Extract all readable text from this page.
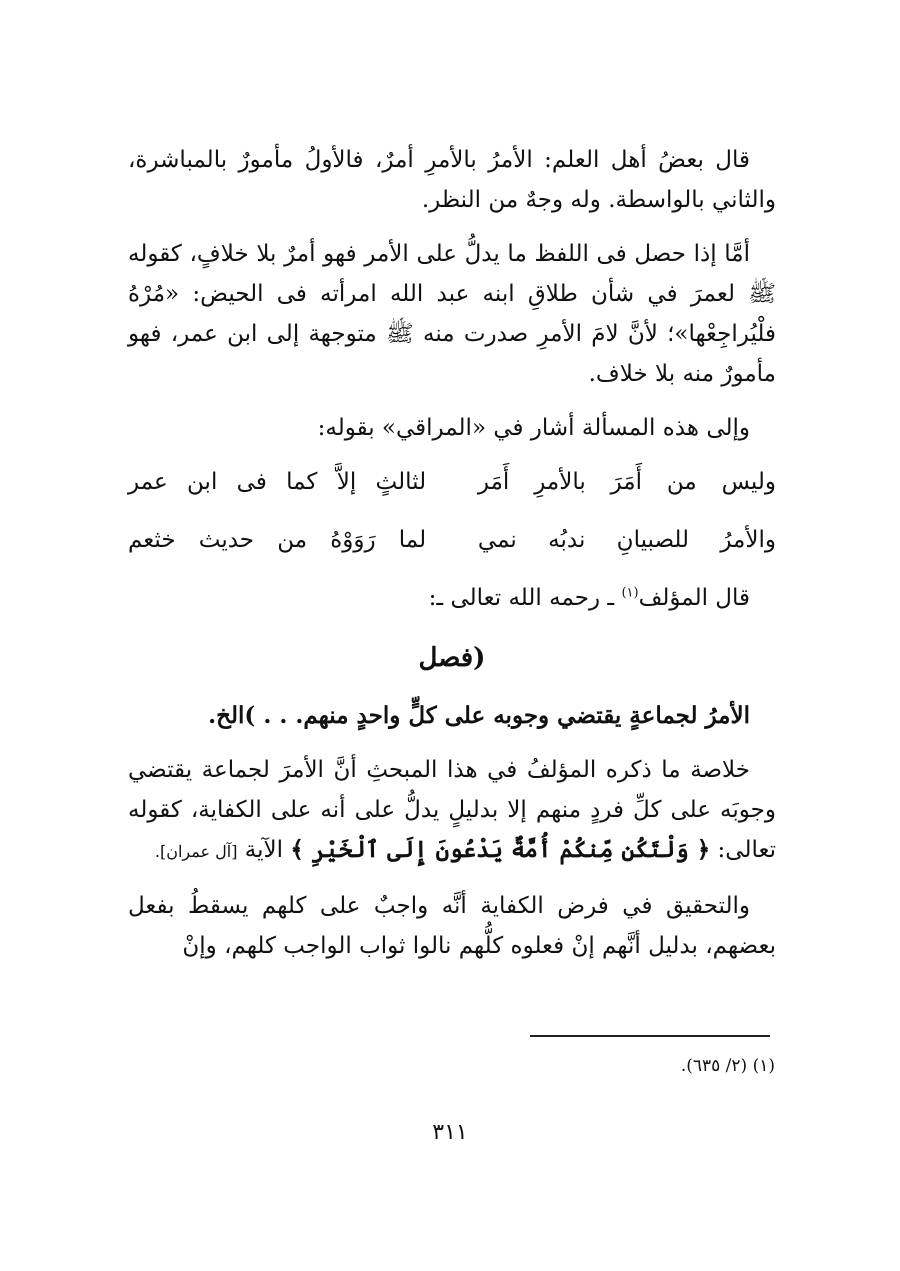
قال بعضُ أهل العلم: الأمرُ بالأمرِ أمرٌ، فالأولُ مأمورٌ بالمباشرة، والثاني بالواسطة. وله وجهٌ من النظر.

أمَّا إذا حصل فى اللفظ ما يدلُّ على الأمر فهو أمرٌ بلا خلافٍ، كقوله ﷺ لعمرَ في شأن طلاقِ ابنه عبد الله امرأته فى الحيض: «مُرْهُ فلْيُراجِعْها»؛ لأنَّ لامَ الأمرِ صدرت منه ﷺ متوجهة إلى ابن عمر، فهو مأمورٌ منه بلا خلاف.

وإلى هذه المسألة أشار في «المراقي» بقوله:

وليس من أَمَرَ بالأمرِ أَمَر
لثالثٍ إلاَّ كما فى ابن عمر
والأمرُ للصبيانِ ندبُه نمي
لما رَوَوْهُ من حديث خثعم

قال المؤلف$^{(١)}$ ـ رحمه الله تعالى ـ:

(فصل

الأمرُ لجماعةٍ يقتضي وجوبه على كلٍّ واحدٍ منهم. . . )الخ.

خلاصة ما ذكره المؤلفُ في هذا المبحثِ أنَّ الأمرَ لجماعة يقتضي وجوبَه على كلِّ فردٍ منهم إلا بدليلٍ يدلُّ على أنه على الكفاية، كقوله تعالى: ﴿ وَلْتَكُن مِّنكُمْ أُمَّةٌ يَدْعُونَ إِلَى ٱلْخَيْرِ ﴾ الآية [آل عمران].

والتحقيق في فرض الكفاية أنَّه واجبٌ على كلهم يسقطُ بفعل بعضهم، بدليل أنَّهم إنْ فعلوه كلُّهم نالوا ثواب الواجب كلهم، وإنْ

(١) (٢/ ٦٣٥).
٣١١
